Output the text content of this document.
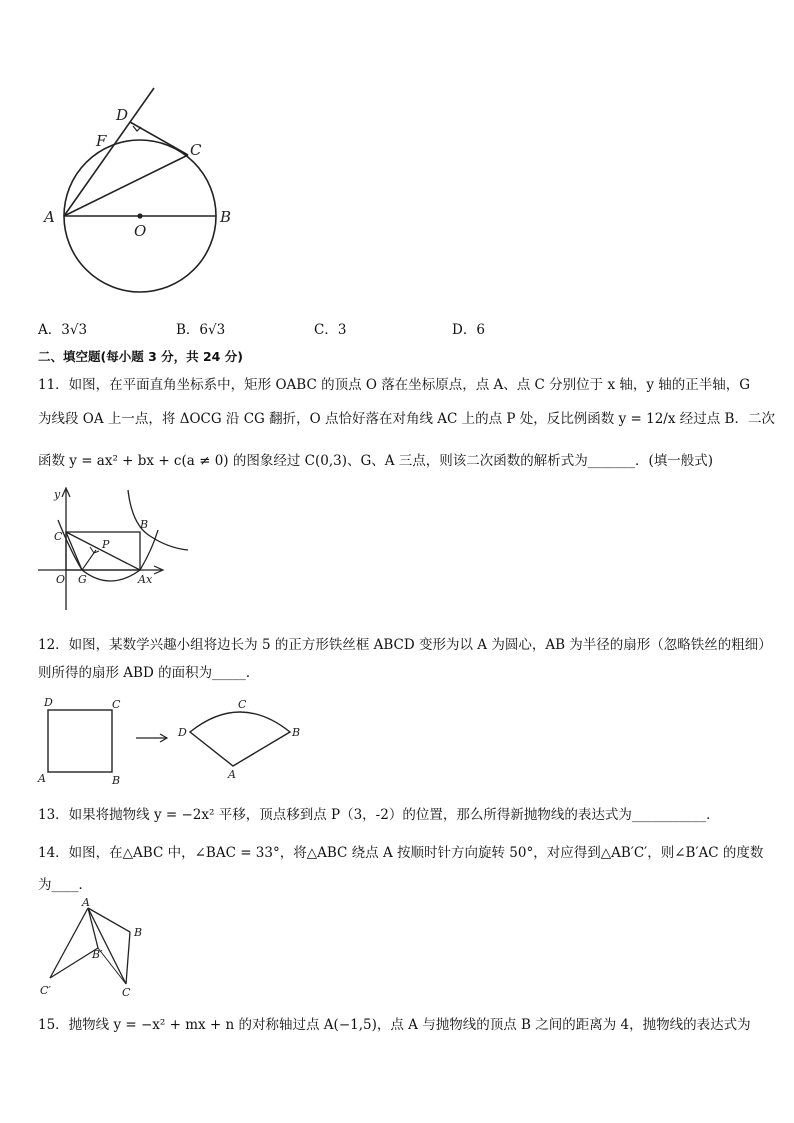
D
F	C
A
O
B
A．3√3	B．6√3	C．3	D．6
二、填空题(每小题 3 分，共 24 分)
11．如图，在平面直角坐标系中，矩形 OABC 的顶点 O 落在坐标原点，点 A、点 C 分别位于 x 轴，y 轴的正半轴，G
为线段 OA 上一点，将 ΔOCG 沿 CG 翻折，O 点恰好落在对角线 AC 上的点 P 处，反比例函数 y = 12/x 经过点 B．二次
函数 y = ax² + bx + c(a ≠ 0) 的图象经过 C(0,3)、G、A 三点，则该二次函数的解析式为_______．(填一般式)
y
C
B
P
O G	Ax
12．如图，某数学兴趣小组将边长为 5 的正方形铁丝框 ABCD 变形为以 A 为圆心，AB 为半径的扇形（忽略铁丝的粗细）
则所得的扇形 ABD 的面积为_____．
D	C
A	B
D
C
B
A
13．如果将抛物线 y = −2x² 平移，顶点移到点 P（3，-2）的位置，那么所得新抛物线的表达式为___________．
14．如图，在△ABC 中，∠BAC = 33°，将△ABC 绕点 A 按顺时针方向旋转 50°，对应得到△AB′C′，则∠B′AC 的度数
为____．
A
B
B′
C′	C
15．抛物线 y = −x² + mx + n 的对称轴过点 A(−1,5)，点 A 与抛物线的顶点 B 之间的距离为 4，抛物线的表达式为
